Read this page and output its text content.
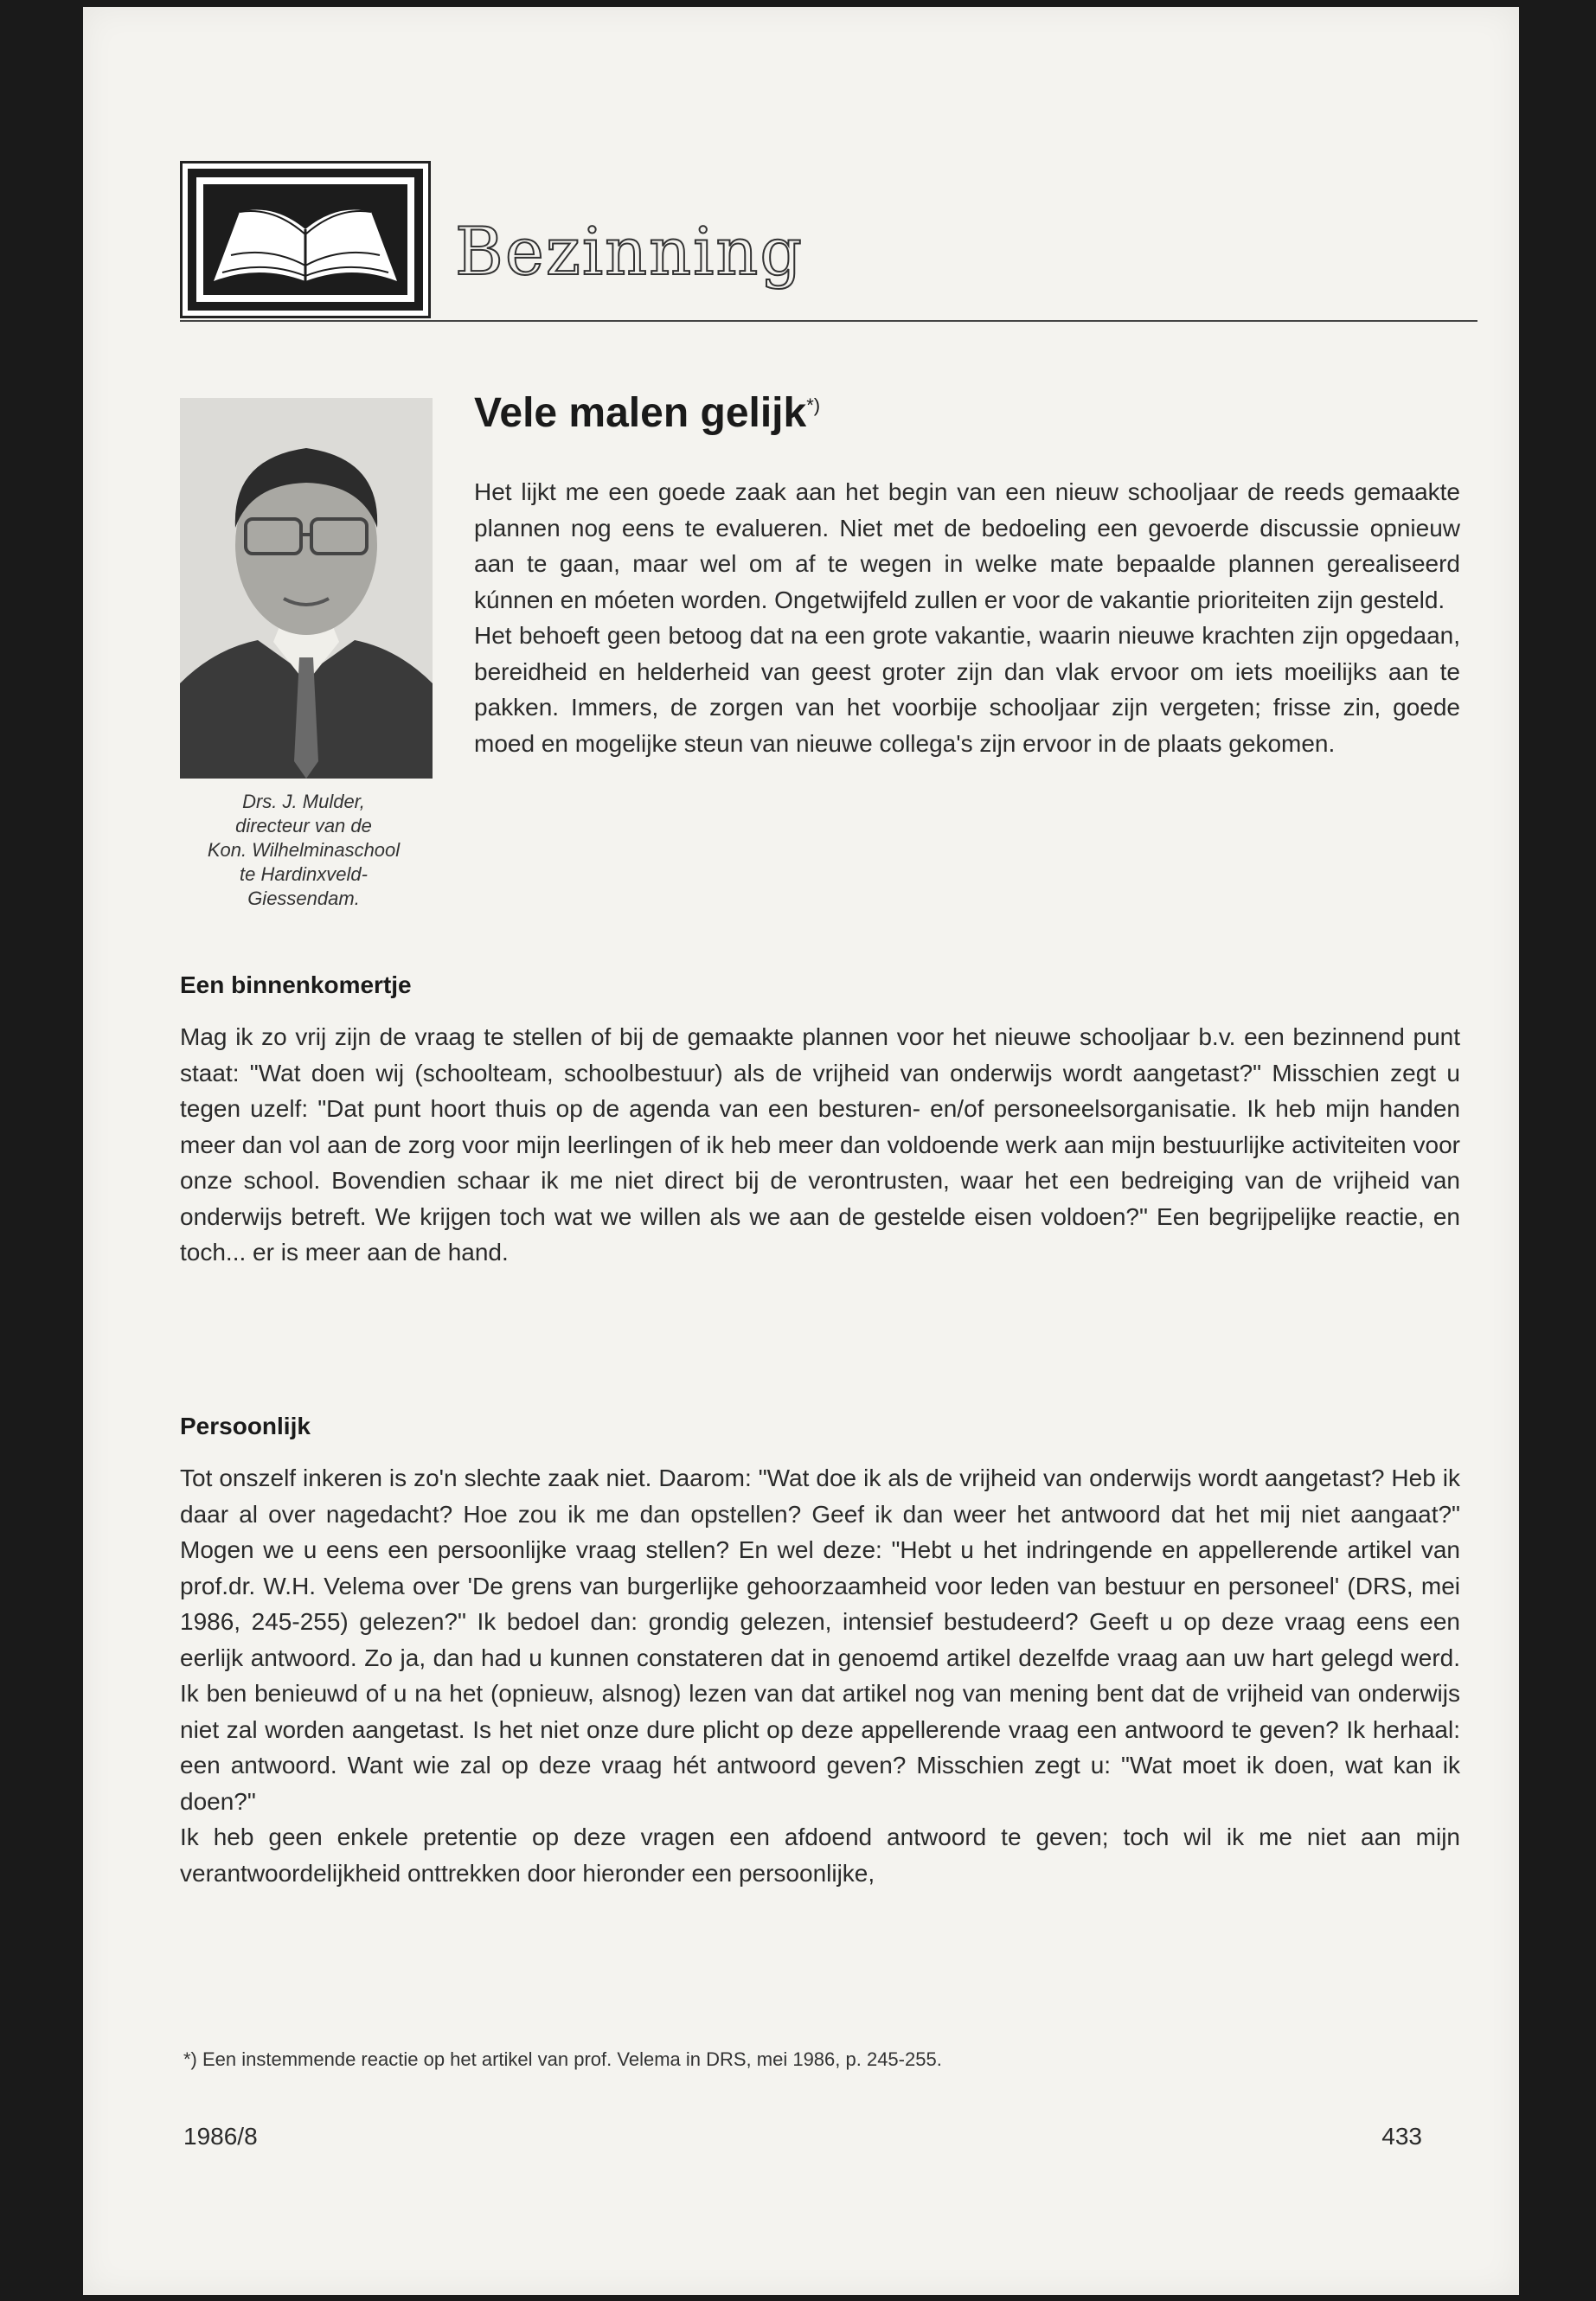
Bezinning
Drs. J. Mulder,
directeur van de
Kon. Wilhelminaschool
te Hardinxveld-
Giessendam.
Vele malen gelijk*)

Het lijkt me een goede zaak aan het begin van een nieuw schooljaar de reeds gemaakte plannen nog eens te evalueren. Niet met de bedoeling een gevoerde discussie opnieuw aan te gaan, maar wel om af te wegen in welke mate bepaalde plannen gerealiseerd kúnnen en móeten worden. Ongetwijfeld zullen er voor de vakantie prioriteiten zijn gesteld.

Het behoeft geen betoog dat na een grote vakantie, waarin nieuwe krachten zijn opgedaan, bereidheid en helderheid van geest groter zijn dan vlak ervoor om iets moeilijks aan te pakken. Immers, de zorgen van het voorbije schooljaar zijn vergeten; frisse zin, goede moed en mogelijke steun van nieuwe collega's zijn ervoor in de plaats gekomen.

Een binnenkomertje

Mag ik zo vrij zijn de vraag te stellen of bij de gemaakte plannen voor het nieuwe schooljaar b.v. een bezinnend punt staat: "Wat doen wij (schoolteam, schoolbestuur) als de vrijheid van onderwijs wordt aangetast?" Misschien zegt u tegen uzelf: "Dat punt hoort thuis op de agenda van een besturen- en/of personeelsorganisatie. Ik heb mijn handen meer dan vol aan de zorg voor mijn leerlingen of ik heb meer dan voldoende werk aan mijn bestuurlijke activiteiten voor onze school. Bovendien schaar ik me niet direct bij de verontrusten, waar het een bedreiging van de vrijheid van onderwijs betreft. We krijgen toch wat we willen als we aan de gestelde eisen voldoen?" Een begrijpelijke reactie, en toch... er is meer aan de hand.

Persoonlijk

Tot onszelf inkeren is zo'n slechte zaak niet. Daarom: "Wat doe ik als de vrijheid van onderwijs wordt aangetast? Heb ik daar al over nagedacht? Hoe zou ik me dan opstellen? Geef ik dan weer het antwoord dat het mij niet aangaat?" Mogen we u eens een persoonlijke vraag stellen? En wel deze: "Hebt u het indringende en appellerende artikel van prof.dr. W.H. Velema over 'De grens van burgerlijke gehoorzaamheid voor leden van bestuur en personeel' (DRS, mei 1986, 245-255) gelezen?" Ik bedoel dan: grondig gelezen, intensief bestudeerd? Geeft u op deze vraag eens een eerlijk antwoord. Zo ja, dan had u kunnen constateren dat in genoemd artikel dezelfde vraag aan uw hart gelegd werd. Ik ben benieuwd of u na het (opnieuw, alsnog) lezen van dat artikel nog van mening bent dat de vrijheid van onderwijs niet zal worden aangetast. Is het niet onze dure plicht op deze appellerende vraag een antwoord te geven? Ik herhaal: een antwoord. Want wie zal op deze vraag hét antwoord geven? Misschien zegt u: "Wat moet ik doen, wat kan ik doen?"

Ik heb geen enkele pretentie op deze vragen een afdoend antwoord te geven; toch wil ik me niet aan mijn verantwoordelijkheid onttrekken door hieronder een persoonlijke,

*) Een instemmende reactie op het artikel van prof. Velema in DRS, mei 1986, p. 245-255.
1986/8	433
